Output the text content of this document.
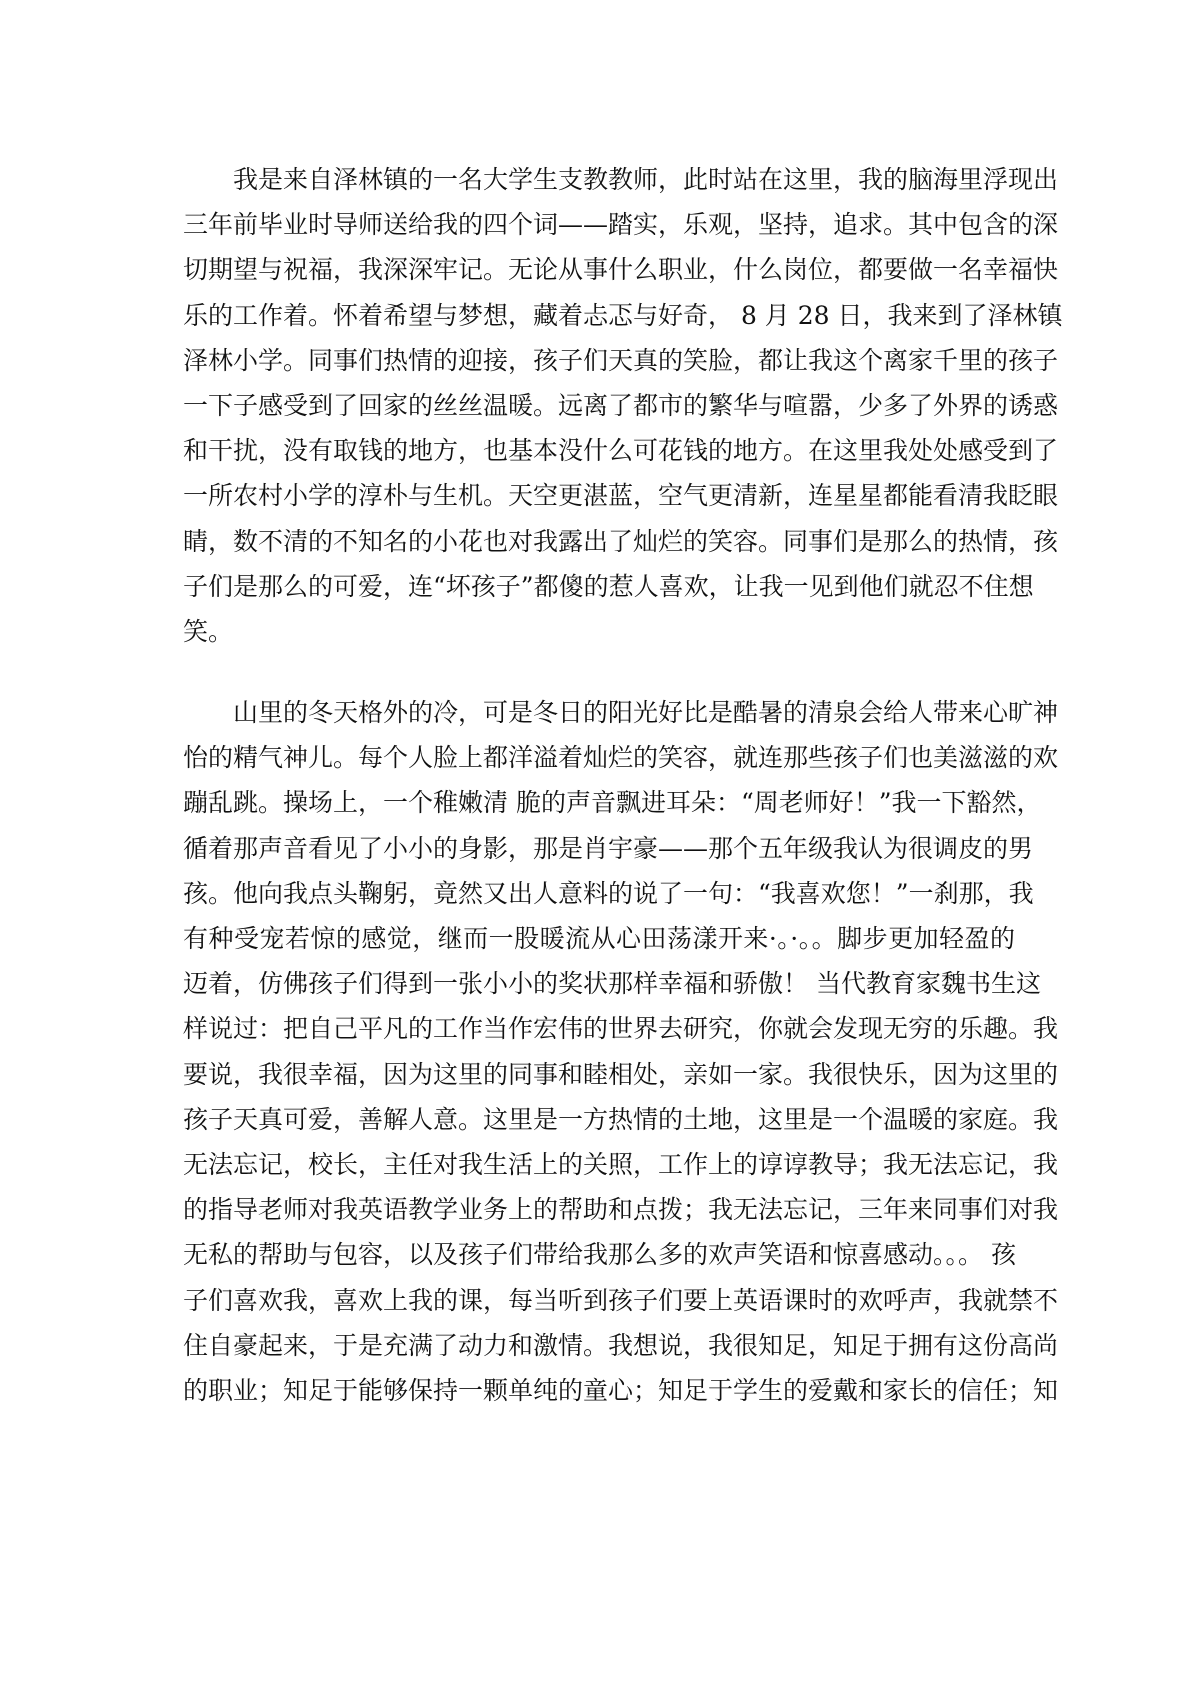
我是来自泽林镇的一名大学生支教教师，此时站在这里，我的脑海里浮现出
三年前毕业时导师送给我的四个词——踏实，乐观，坚持，追求。其中包含的深
切期望与祝福，我深深牢记。无论从事什么职业，什么岗位，都要做一名幸福快
乐的工作着。怀着希望与梦想，藏着忐忑与好奇， 8 月 28 日，我来到了泽林镇
泽林小学。同事们热情的迎接，孩子们天真的笑脸，都让我这个离家千里的孩子
一下子感受到了回家的丝丝温暖。远离了都市的繁华与喧嚣，少多了外界的诱惑
和干扰，没有取钱的地方，也基本没什么可花钱的地方。在这里我处处感受到了
一所农村小学的淳朴与生机。天空更湛蓝，空气更清新，连星星都能看清我眨眼
睛，数不清的不知名的小花也对我露出了灿烂的笑容。同事们是那么的热情，孩
子们是那么的可爱，连“坏孩子”都傻的惹人喜欢，让我一见到他们就忍不住想
笑。
山里的冬天格外的冷，可是冬日的阳光好比是酷暑的清泉会给人带来心旷神
怡的精气神儿。每个人脸上都洋溢着灿烂的笑容，就连那些孩子们也美滋滋的欢
蹦乱跳。操场上，一个稚嫩清 脆的声音飘进耳朵：“周老师好！”我一下豁然，
循着那声音看见了小小的身影，那是肖宇豪——那个五年级我认为很调皮的男
孩。他向我点头鞠躬，竟然又出人意料的说了一句：“我喜欢您！”一刹那，我
有种受宠若惊的感觉，继而一股暖流从心田荡漾开来·。·。。脚步更加轻盈的
迈着，仿佛孩子们得到一张小小的奖状那样幸福和骄傲！ 当代教育家魏书生这
样说过：把自己平凡的工作当作宏伟的世界去研究，你就会发现无穷的乐趣。我
要说，我很幸福，因为这里的同事和睦相处，亲如一家。我很快乐，因为这里的
孩子天真可爱，善解人意。这里是一方热情的土地，这里是一个温暖的家庭。我
无法忘记，校长，主任对我生活上的关照，工作上的谆谆教导；我无法忘记，我
的指导老师对我英语教学业务上的帮助和点拨；我无法忘记，三年来同事们对我
无私的帮助与包容，以及孩子们带给我那么多的欢声笑语和惊喜感动。。。 孩
子们喜欢我，喜欢上我的课，每当听到孩子们要上英语课时的欢呼声，我就禁不
住自豪起来，于是充满了动力和激情。我想说，我很知足，知足于拥有这份高尚
的职业；知足于能够保持一颗单纯的童心；知足于学生的爱戴和家长的信任；知
